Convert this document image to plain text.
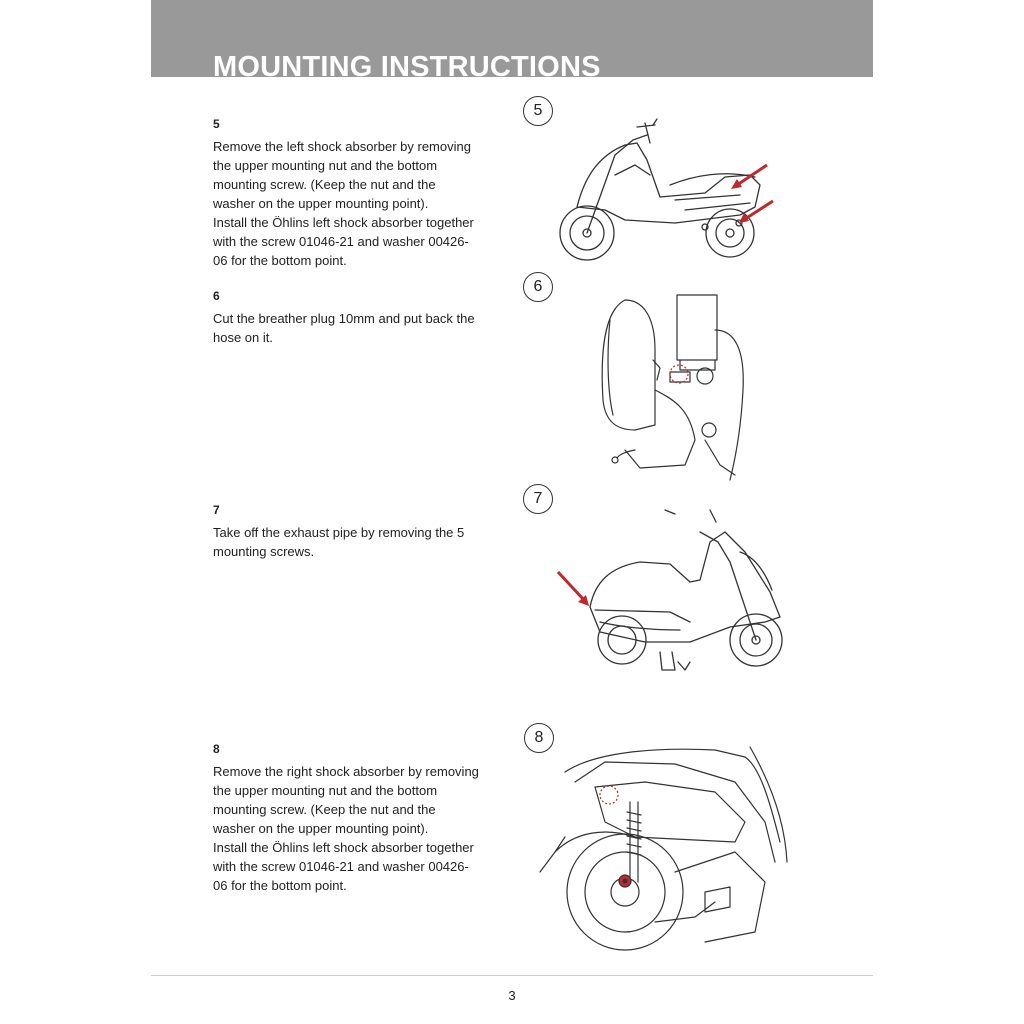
MOUNTING INSTRUCTIONS

5

Remove the left shock absorber by removing
the upper mounting nut and the bottom
mounting screw. (Keep the nut and the
washer on the upper mounting point).
Install the Öhlins left shock absorber together
with the screw 01046-21 and washer 00426-
06 for the bottom point.

5

6

Cut the breather plug 10mm and put back the
hose on it.

6

7

Take off the exhaust pipe by removing the 5
mounting screws.

7

8

Remove the right shock absorber by removing
the upper mounting nut and the bottom
mounting screw. (Keep the nut and the
washer on the upper mounting point).
Install the Öhlins left shock absorber together
with the screw 01046-21 and washer 00426-
06 for the bottom point.

8
3
